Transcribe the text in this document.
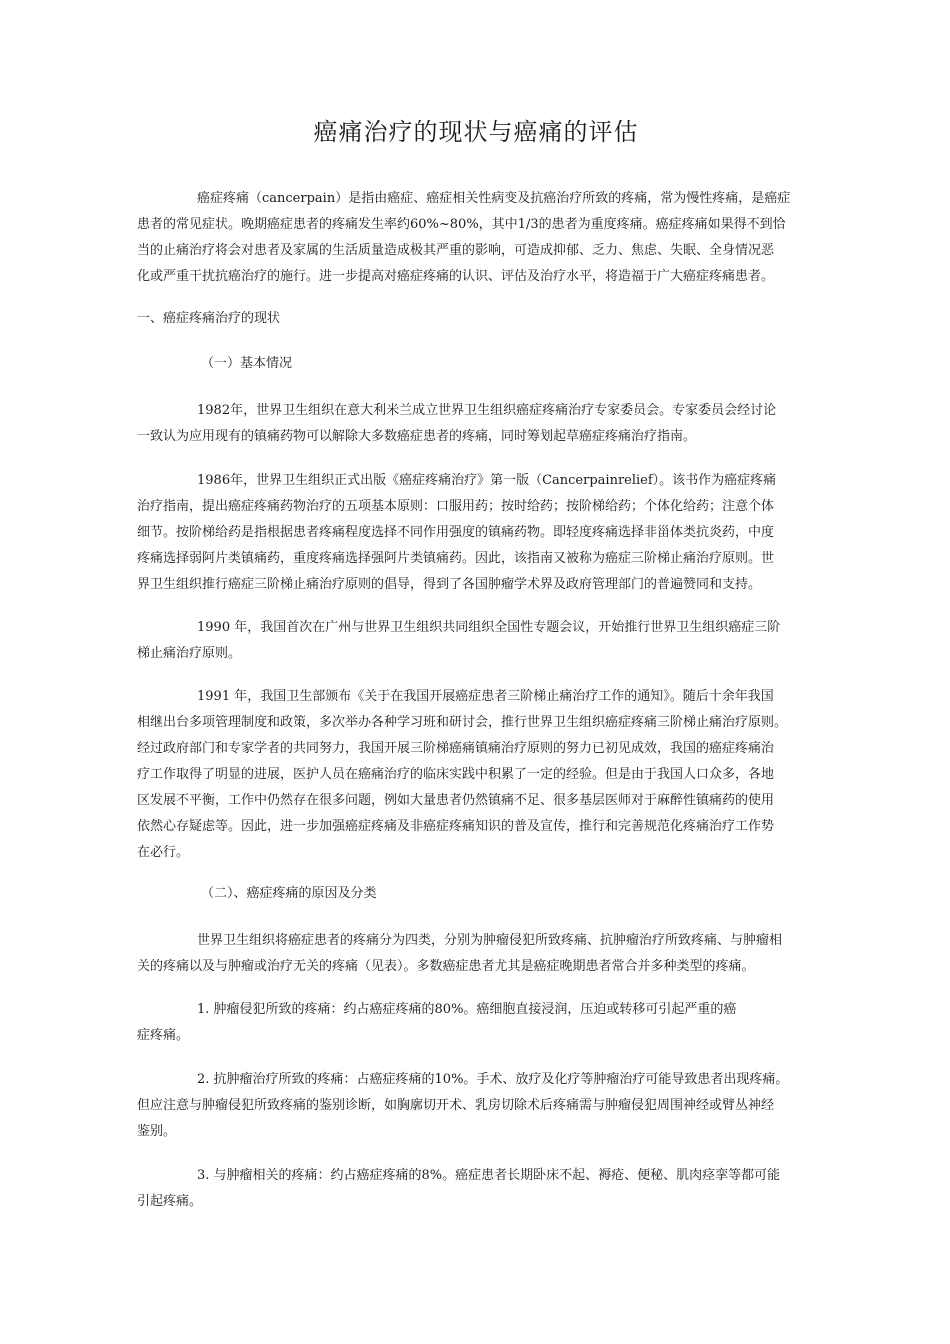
癌痛治疗的现状与癌痛的评估
癌症疼痛（cancerpain）是指由癌症、癌症相关性病变及抗癌治疗所致的疼痛，常为慢性疼痛，是癌症
患者的常见症状。晚期癌症患者的疼痛发生率约60%~80%，其中1/3的患者为重度疼痛。癌症疼痛如果得不到恰
当的止痛治疗将会对患者及家属的生活质量造成极其严重的影响，可造成抑郁、乏力、焦虑、失眠、全身情况恶
化或严重干扰抗癌治疗的施行。进一步提高对癌症疼痛的认识、评估及治疗水平，将造福于广大癌症疼痛患者。

一、癌症疼痛治疗的现状

（一）基本情况

1982年，世界卫生组织在意大利米兰成立世界卫生组织癌症疼痛治疗专家委员会。专家委员会经讨论
一致认为应用现有的镇痛药物可以解除大多数癌症患者的疼痛，同时筹划起草癌症疼痛治疗指南。
1986年，世界卫生组织正式出版《癌症疼痛治疗》第一版（Cancerpainrelief）。该书作为癌症疼痛
治疗指南，提出癌症疼痛药物治疗的五项基本原则：口服用药；按时给药；按阶梯给药；个体化给药；注意个体
细节。按阶梯给药是指根据患者疼痛程度选择不同作用强度的镇痛药物。即轻度疼痛选择非甾体类抗炎药，中度
疼痛选择弱阿片类镇痛药，重度疼痛选择强阿片类镇痛药。因此，该指南又被称为癌症三阶梯止痛治疗原则。世
界卫生组织推行癌症三阶梯止痛治疗原则的倡导，得到了各国肿瘤学术界及政府管理部门的普遍赞同和支持。
1990 年，我国首次在广州与世界卫生组织共同组织全国性专题会议，开始推行世界卫生组织癌症三阶
梯止痛治疗原则。
1991 年，我国卫生部颁布《关于在我国开展癌症患者三阶梯止痛治疗工作的通知》。随后十余年我国
相继出台多项管理制度和政策，多次举办各种学习班和研讨会，推行世界卫生组织癌症疼痛三阶梯止痛治疗原则。
经过政府部门和专家学者的共同努力，我国开展三阶梯癌痛镇痛治疗原则的努力已初见成效，我国的癌症疼痛治
疗工作取得了明显的进展，医护人员在癌痛治疗的临床实践中积累了一定的经验。但是由于我国人口众多，各地
区发展不平衡，工作中仍然存在很多问题，例如大量患者仍然镇痛不足、很多基层医师对于麻醉性镇痛药的使用
依然心存疑虑等。因此，进一步加强癌症疼痛及非癌症疼痛知识的普及宣传，推行和完善规范化疼痛治疗工作势
在必行。

（二）、癌症疼痛的原因及分类

世界卫生组织将癌症患者的疼痛分为四类，分别为肿瘤侵犯所致疼痛、抗肿瘤治疗所致疼痛、与肿瘤相
关的疼痛以及与肿瘤或治疗无关的疼痛（见表）。多数癌症患者尤其是癌症晚期患者常合并多种类型的疼痛。
1. 肿瘤侵犯所致的疼痛：约占癌症疼痛的80%。癌细胞直接浸润，压迫或转移可引起严重的癌
症疼痛。
2. 抗肿瘤治疗所致的疼痛：占癌症疼痛的10%。手术、放疗及化疗等肿瘤治疗可能导致患者出现疼痛。
但应注意与肿瘤侵犯所致疼痛的鉴别诊断，如胸廓切开术、乳房切除术后疼痛需与肿瘤侵犯周围神经或臂丛神经
鉴别。
3. 与肿瘤相关的疼痛：约占癌症疼痛的8%。癌症患者长期卧床不起、褥疮、便秘、肌肉痉挛等都可能
引起疼痛。
